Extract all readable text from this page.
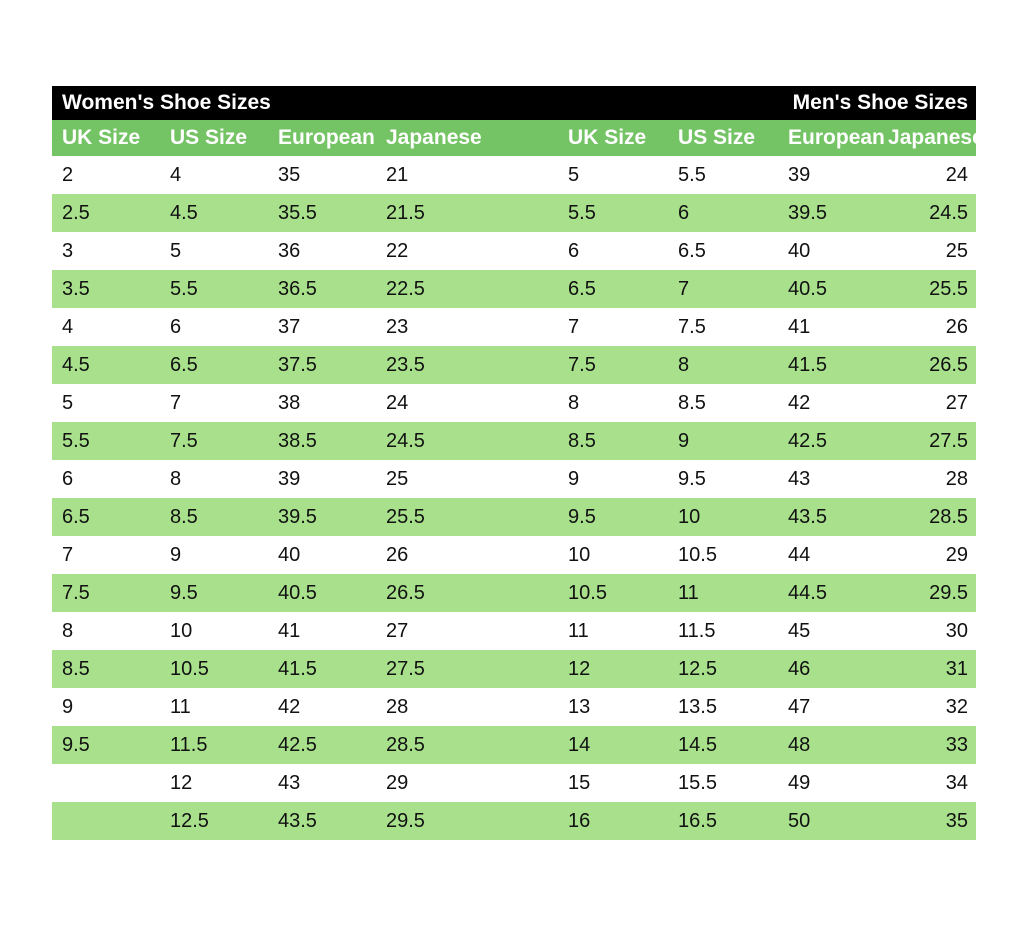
Women's Shoe Sizes					Men's Shoe Sizes			
UK Size	US Size	European	Japanese		UK Size	US Size	European	Japanese
2	4	35	21		5	5.5	39	24
2.5	4.5	35.5	21.5		5.5	6	39.5	24.5
3	5	36	22		6	6.5	40	25
3.5	5.5	36.5	22.5		6.5	7	40.5	25.5
4	6	37	23		7	7.5	41	26
4.5	6.5	37.5	23.5		7.5	8	41.5	26.5
5	7	38	24		8	8.5	42	27
5.5	7.5	38.5	24.5		8.5	9	42.5	27.5
6	8	39	25		9	9.5	43	28
6.5	8.5	39.5	25.5		9.5	10	43.5	28.5
7	9	40	26		10	10.5	44	29
7.5	9.5	40.5	26.5		10.5	11	44.5	29.5
8	10	41	27		11	11.5	45	30
8.5	10.5	41.5	27.5		12	12.5	46	31
9	11	42	28		13	13.5	47	32
9.5	11.5	42.5	28.5		14	14.5	48	33
	12	43	29		15	15.5	49	34
	12.5	43.5	29.5		16	16.5	50	35
